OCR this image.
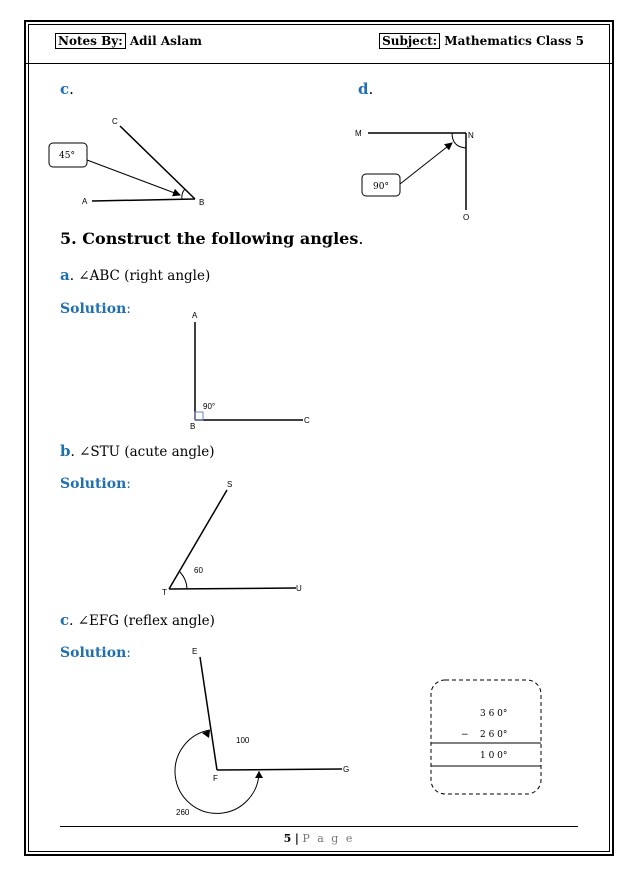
Notes By: Adil Aslam	Subject: Mathematics Class 5
c.	d.
5. Construct the following angles.
a. ∠ABC (right angle)
Solution:
b. ∠STU (acute angle)
Solution:
c. ∠EFG (reflex angle)
Solution:
45°
A	B
C
90°
M	N
O
90°
A
B
C
60
S
T	U
100
260
E
F
G
3 6 0°
− 2 6 0°
1 0 0°
5 | P a g e
